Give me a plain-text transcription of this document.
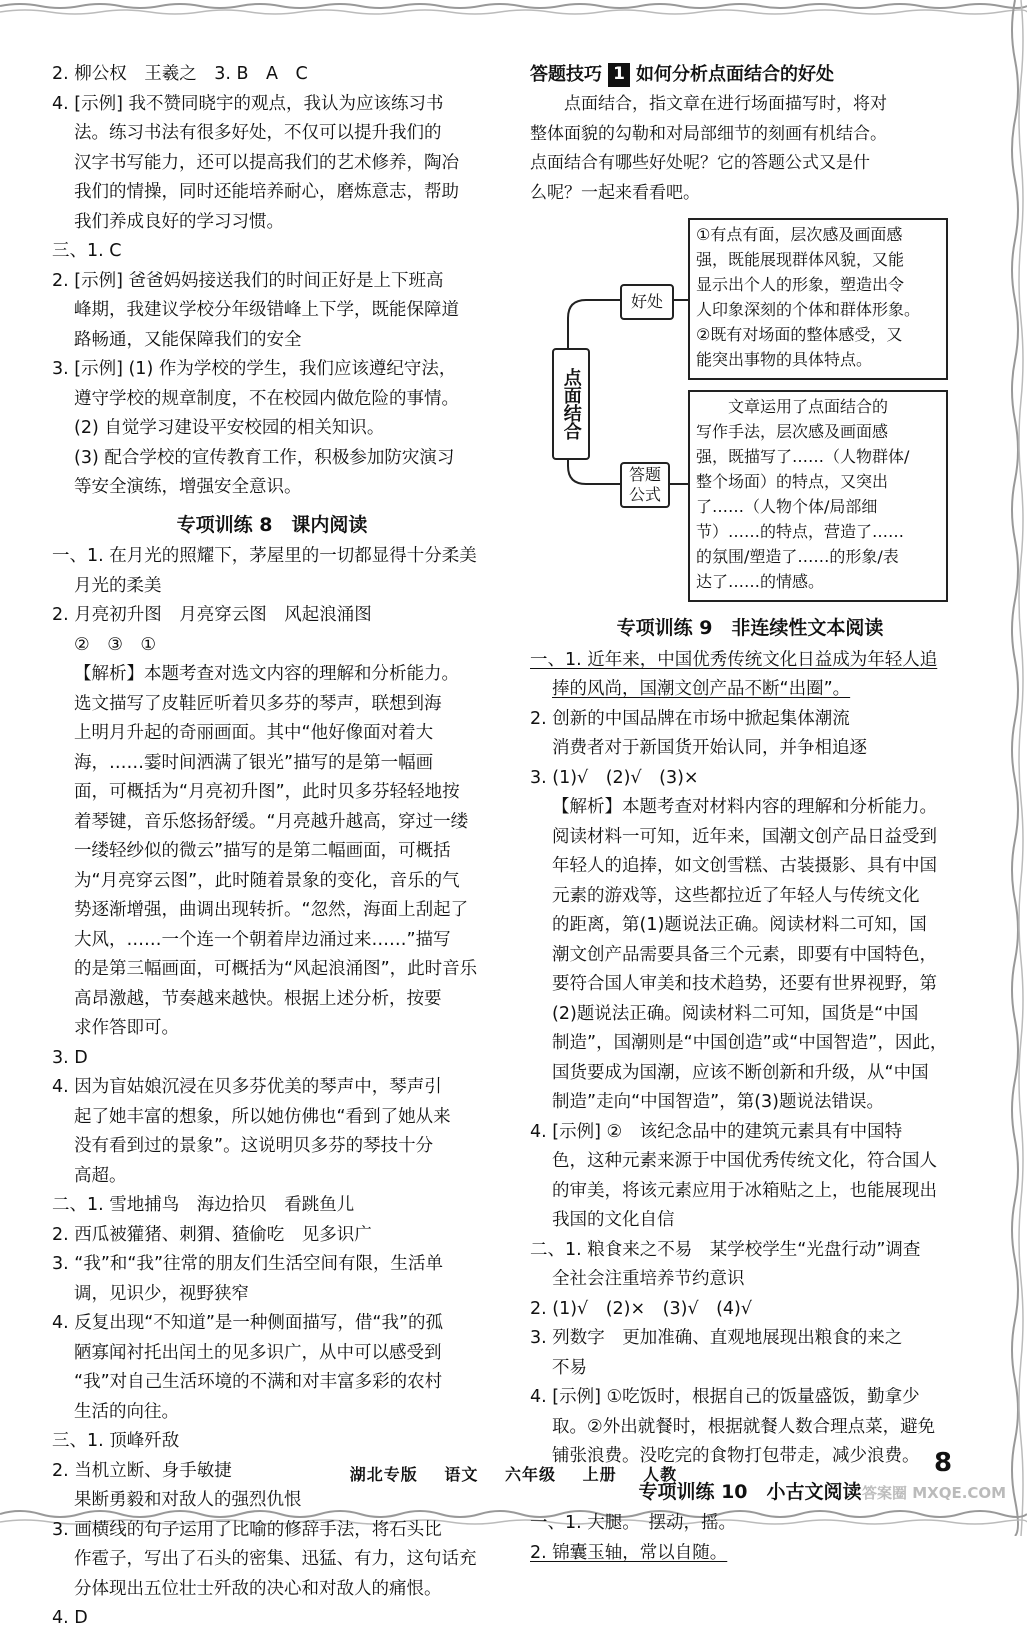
2. 柳公权　王羲之　3. B　A　C
4. [示例] 我不赞同晓宇的观点，我认为应该练习书
法。练习书法有很多好处，不仅可以提升我们的
汉字书写能力，还可以提高我们的艺术修养，陶冶
我们的情操，同时还能培养耐心，磨炼意志，帮助
我们养成良好的学习习惯。
三、1. C
2. [示例] 爸爸妈妈接送我们的时间正好是上下班高
峰期，我建议学校分年级错峰上下学，既能保障道
路畅通，又能保障我们的安全
3. [示例] (1) 作为学校的学生，我们应该遵纪守法，
遵守学校的规章制度，不在校园内做危险的事情。
(2) 自觉学习建设平安校园的相关知识。
(3) 配合学校的宣传教育工作，积极参加防灾演习
等安全演练，增强安全意识。
专项训练 8　课内阅读
一、1. 在月光的照耀下，茅屋里的一切都显得十分柔美
月光的柔美
2. 月亮初升图　月亮穿云图　风起浪涌图
②　③　①
【解析】本题考查对选文内容的理解和分析能力。
选文描写了皮鞋匠听着贝多芬的琴声，联想到海
上明月升起的奇丽画面。其中“他好像面对着大
海，……霎时间洒满了银光”描写的是第一幅画
面，可概括为“月亮初升图”，此时贝多芬轻轻地按
着琴键，音乐悠扬舒缓。“月亮越升越高，穿过一缕
一缕轻纱似的微云”描写的是第二幅画面，可概括
为“月亮穿云图”，此时随着景象的变化，音乐的气
势逐渐增强，曲调出现转折。“忽然，海面上刮起了
大风，……一个连一个朝着岸边涌过来……”描写
的是第三幅画面，可概括为“风起浪涌图”，此时音乐
高昂激越，节奏越来越快。根据上述分析，按要
求作答即可。
3. D
4. 因为盲姑娘沉浸在贝多芬优美的琴声中，琴声引
起了她丰富的想象，所以她仿佛也“看到了她从来
没有看到过的景象”。这说明贝多芬的琴技十分
高超。
二、1. 雪地捕鸟　海边拾贝　看跳鱼儿
2. 西瓜被獾猪、刺猬、猹偷吃　见多识广
3. “我”和“我”往常的朋友们生活空间有限，生活单
调，见识少，视野狭窄
4. 反复出现“不知道”是一种侧面描写，借“我”的孤
陋寡闻衬托出闰土的见多识广，从中可以感受到
“我”对自己生活环境的不满和对丰富多彩的农村
生活的向往。
三、1. 顶峰歼敌
2. 当机立断、身手敏捷
果断勇毅和对敌人的强烈仇恨
3. 画横线的句子运用了比喻的修辞手法，将石头比
作雹子，写出了石头的密集、迅猛、有力，这句话充
分体现出五位壮士歼敌的决心和对敌人的痛恨。
4. D
答题技巧 1 如何分析点面结合的好处
点面结合，指文章在进行场面描写时，将对
整体面貌的勾勒和对局部细节的刻画有机结合。
点面结合有哪些好处呢？它的答题公式又是什
么呢？一起来看看吧。
点面结合
好处
答题公式
①有点有面，层次感及画面感
强，既能展现群体风貌，又能
显示出个人的形象，塑造出令
人印象深刻的个体和群体形象。
②既有对场面的整体感受，又
能突出事物的具体特点。
文章运用了点面结合的
写作手法，层次感及画面感
强，既描写了……（人物群体/
整个场面）的特点，又突出
了……（人物个体/局部细
节）……的特点，营造了……
的氛围/塑造了……的形象/表
达了……的情感。
专项训练 9　非连续性文本阅读
一、1. 近年来，中国优秀传统文化日益成为年轻人追
捧的风尚，国潮文创产品不断“出圈”。
2. 创新的中国品牌在市场中掀起集体潮流
消费者对于新国货开始认同，并争相追逐
3. (1)√　(2)√　(3)×
【解析】本题考查对材料内容的理解和分析能力。
阅读材料一可知，近年来，国潮文创产品日益受到
年轻人的追捧，如文创雪糕、古装摄影、具有中国
元素的游戏等，这些都拉近了年轻人与传统文化
的距离，第(1)题说法正确。阅读材料二可知，国
潮文创产品需要具备三个元素，即要有中国特色，
要符合国人审美和技术趋势，还要有世界视野，第
(2)题说法正确。阅读材料二可知，国货是“中国
制造”，国潮则是“中国创造”或“中国智造”，因此，
国货要成为国潮，应该不断创新和升级，从“中国
制造”走向“中国智造”，第(3)题说法错误。
4. [示例] ②　该纪念品中的建筑元素具有中国特
色，这种元素来源于中国优秀传统文化，符合国人
的审美，将该元素应用于冰箱贴之上，也能展现出
我国的文化自信
二、1. 粮食来之不易　某学校学生“光盘行动”调查
全社会注重培养节约意识
2. (1)√　(2)×　(3)√　(4)√
3. 列数字　更加准确、直观地展现出粮食的来之
不易
4. [示例] ①吃饭时，根据自己的饭量盛饭，勤拿少
取。②外出就餐时，根据就餐人数合理点菜，避免
铺张浪费。没吃完的食物打包带走，减少浪费。
专项训练 10　小古文阅读
一、1. 大腿。　摆动，摇。
2. 锦囊玉轴，常以自随。
湖北专版 语文 六年级 上册 人教	8
答案圈 MXQE.COM
